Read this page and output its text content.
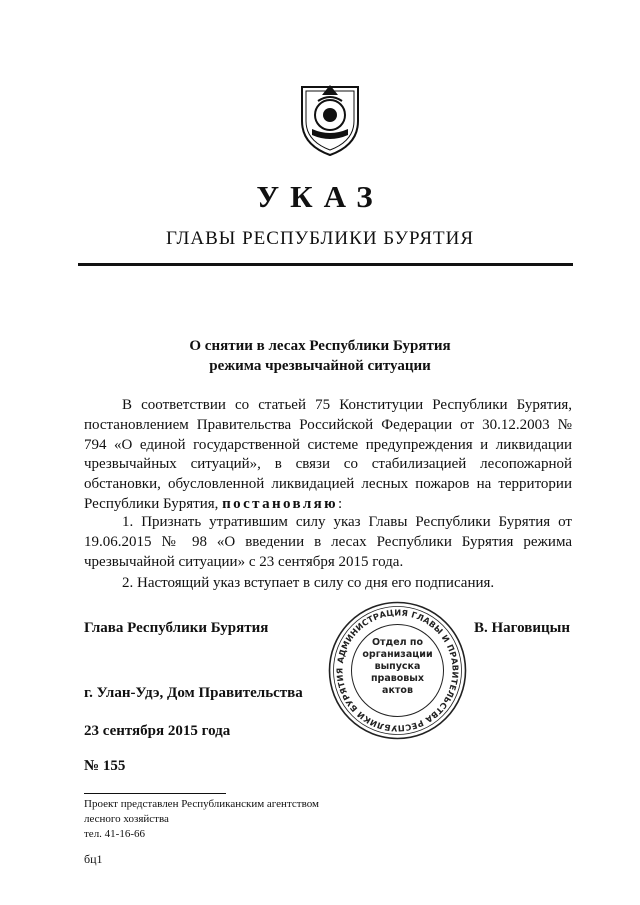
УКАЗ
ГЛАВЫ РЕСПУБЛИКИ БУРЯТИЯ
О снятии в лесах Республики Бурятия
режима чрезвычайной ситуации

В соответствии со статьей 75 Конституции Республики Бурятия, постановлением Правительства Российской Федерации от 30.12.2003 № 794 «О единой государственной системе предупреждения и ликвидации чрезвычайных ситуаций», в связи со стабилизацией лесопожарной обстановки, обусловленной ликвидацией лесных пожаров на территории Республики Бурятия, постановляю:

1. Признать утратившим силу указ Главы Республики Бурятия от 19.06.2015 № 98 «О введении в лесах Республики Бурятия режима чрезвычайной ситуации» с 23 сентября 2015 года.

2. Настоящий указ вступает в силу со дня его подписания.

Глава Республики Бурятия	В. Наговицын
АДМИНИСТРАЦИЯ ГЛАВЫ И ПРАВИТЕЛЬСТВА РЕСПУБЛИКИ БУРЯТИЯ
Отдел по
организации
выпуска
правовых
актов
г. Улан-Удэ, Дом Правительства
23 сентября 2015 года
№ 155
Проект представлен Республиканским агентством
лесного хозяйства
тел. 41-16-66
бц1
